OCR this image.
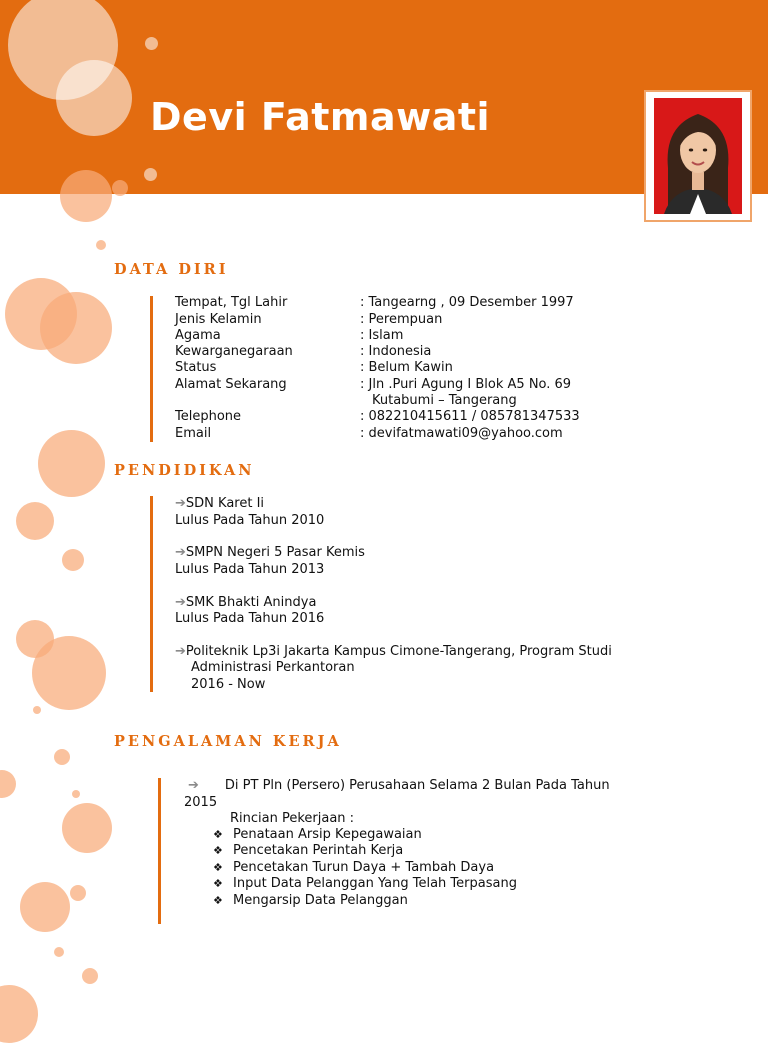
Devi Fatmawati
DATA DIRI
Tempat, Tgl Lahir	: Tangearng , 09 Desember 1997
Jenis Kelamin	: Perempuan
Agama	: Islam
Kewarganegaraan	: Indonesia
Status	: Belum Kawin
Alamat Sekarang	: Jln .Puri Agung I Blok A5 No. 69
Kutabumi – Tangerang
Telephone	: 082210415611 / 085781347533
Email	: devifatmawati09@yahoo.com
PENDIDIKAN
➔SDN Karet Ii
Lulus Pada Tahun 2010
➔SMPN Negeri 5 Pasar Kemis
Lulus Pada Tahun 2013
➔SMK Bhakti Anindya
Lulus Pada Tahun 2016
➔Politeknik Lp3i Jakarta Kampus Cimone-Tangerang, Program Studi
Administrasi Perkantoran
2016 - Now
PENGALAMAN KERJA
➔ Di PT Pln (Persero) Perusahaan Selama 2 Bulan Pada Tahun
2015
Rincian Pekerjaan :
❖ Penataan Arsip Kepegawaian
❖ Pencetakan Perintah Kerja
❖ Pencetakan Turun Daya + Tambah Daya
❖ Input Data Pelanggan Yang Telah Terpasang
❖ Mengarsip Data Pelanggan
